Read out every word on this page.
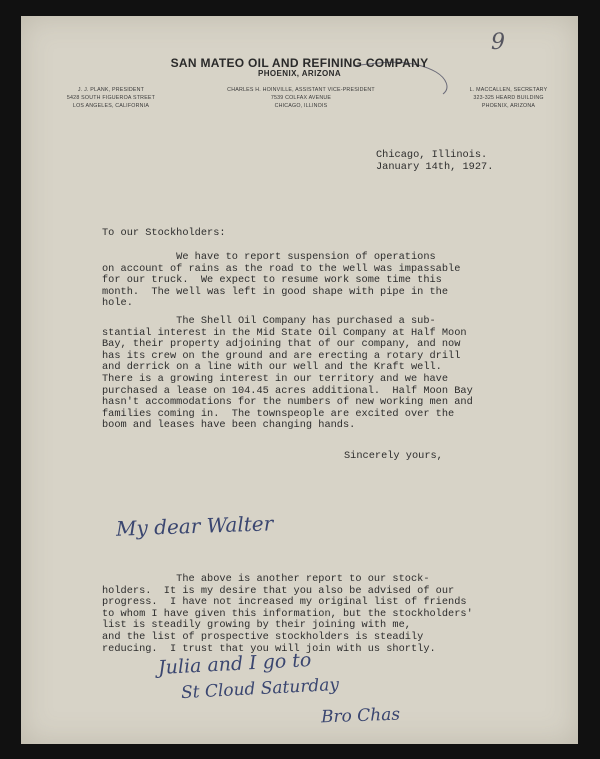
SAN MATEO OIL AND REFINING COMPANY
PHOENIX, ARIZONA
J. J. PLANK, PRESIDENT
5428 SOUTH FIGUEROA STREET
LOS ANGELES, CALIFORNIA
CHARLES H. HOINVILLE, ASSISTANT VICE-PRESIDENT
7539 COLFAX AVENUE
CHICAGO, ILLINOIS
L. MACCALLEN, SECRETARY
323-325 HEARD BUILDING
PHOENIX, ARIZONA
Chicago, Illinois.
January 14th, 1927.
To our Stockholders:
We have to report suspension of operations
on account of rains as the road to the well was impassable
for our truck.  We expect to resume work some time this
month.  The well was left in good shape with pipe in the
hole.
The Shell Oil Company has purchased a sub-
stantial interest in the Mid State Oil Company at Half Moon
Bay, their property adjoining that of our company, and now
has its crew on the ground and are erecting a rotary drill
and derrick on a line with our well and the Kraft well.
There is a growing interest in our territory and we have
purchased a lease on 104.45 acres additional.  Half Moon Bay
hasn't accommodations for the numbers of new working men and
families coming in.  The townspeople are excited over the
boom and leases have been changing hands.
Sincerely yours,
My dear Walter
The above is another report to our stock-
holders.  It is my desire that you also be advised of our
progress.  I have not increased my original list of friends
to whom I have given this information, but the stockholders'
list is steadily growing by their joining with me,
and the list of prospective stockholders is steadily
reducing.  I trust that you will join with us shortly.
Julia and I go to
St Cloud Saturday
Bro Chas
9
